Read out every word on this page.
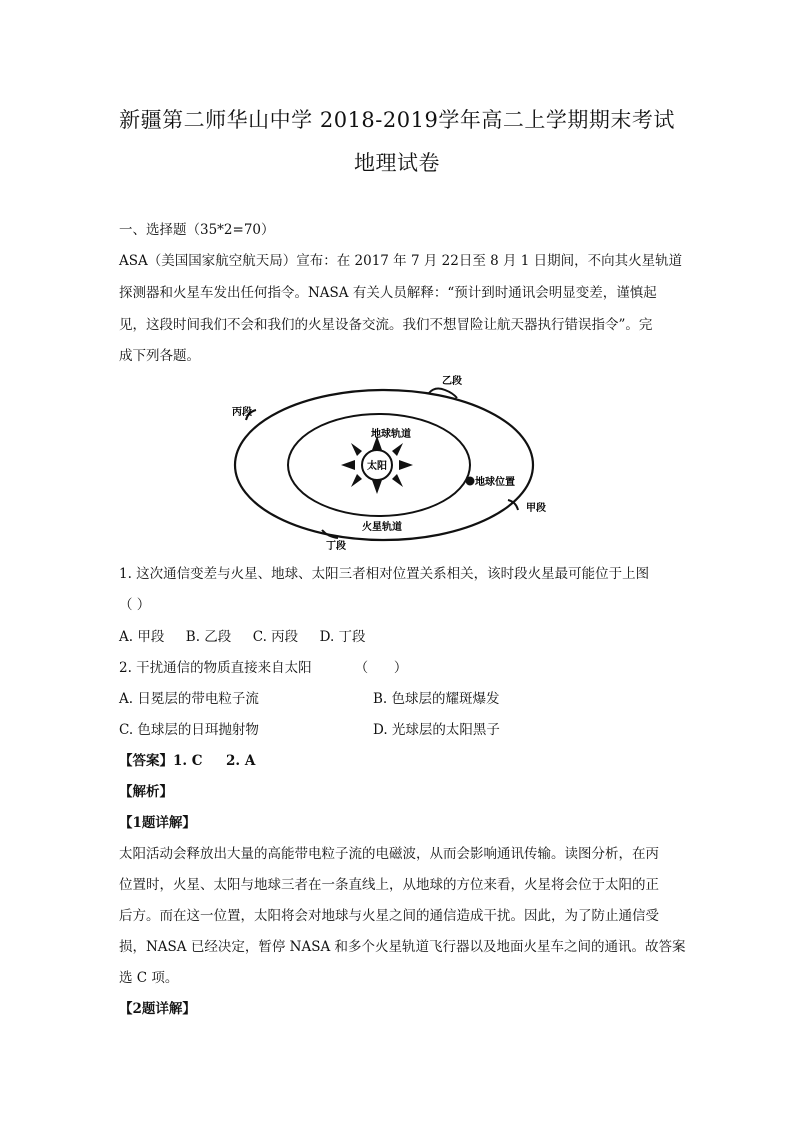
新疆第二师华山中学 2018-2019学年高二上学期期末考试
地理试卷
一、选择题（35*2=70）
ASA（美国国家航空航天局）宣布：在 2017 年 7 月 22日至 8 月 1 日期间，不向其火星轨道
探测器和火星车发出任何指令。NASA 有关人员解释：“预计到时通讯会明显变差，谨慎起
见，这段时间我们不会和我们的火星设备交流。我们不想冒险让航天器执行错误指令”。完
成下列各题。
太阳
地球轨道
地球位置
火星轨道
乙段
丙段
甲段
丁段
1. 这次通信变差与火星、地球、太阳三者相对位置关系相关，该时段火星最可能位于上图
（ ）
A. 甲段     B. 乙段     C. 丙段     D. 丁段
2. 干扰通信的物质直接来自太阳          （      ）
A. 日冕层的带电粒子流	B. 色球层的耀斑爆发
C. 色球层的日珥抛射物	D. 光球层的太阳黑子
【答案】1. C     2. A
【解析】
【1题详解】
太阳活动会释放出大量的高能带电粒子流的电磁波，从而会影响通讯传输。读图分析，在丙
位置时，火星、太阳与地球三者在一条直线上，从地球的方位来看，火星将会位于太阳的正
后方。而在这一位置，太阳将会对地球与火星之间的通信造成干扰。因此，为了防止通信受
损，NASA 已经决定，暂停 NASA 和多个火星轨道飞行器以及地面火星车之间的通讯。故答案
选 C 项。
【2题详解】
